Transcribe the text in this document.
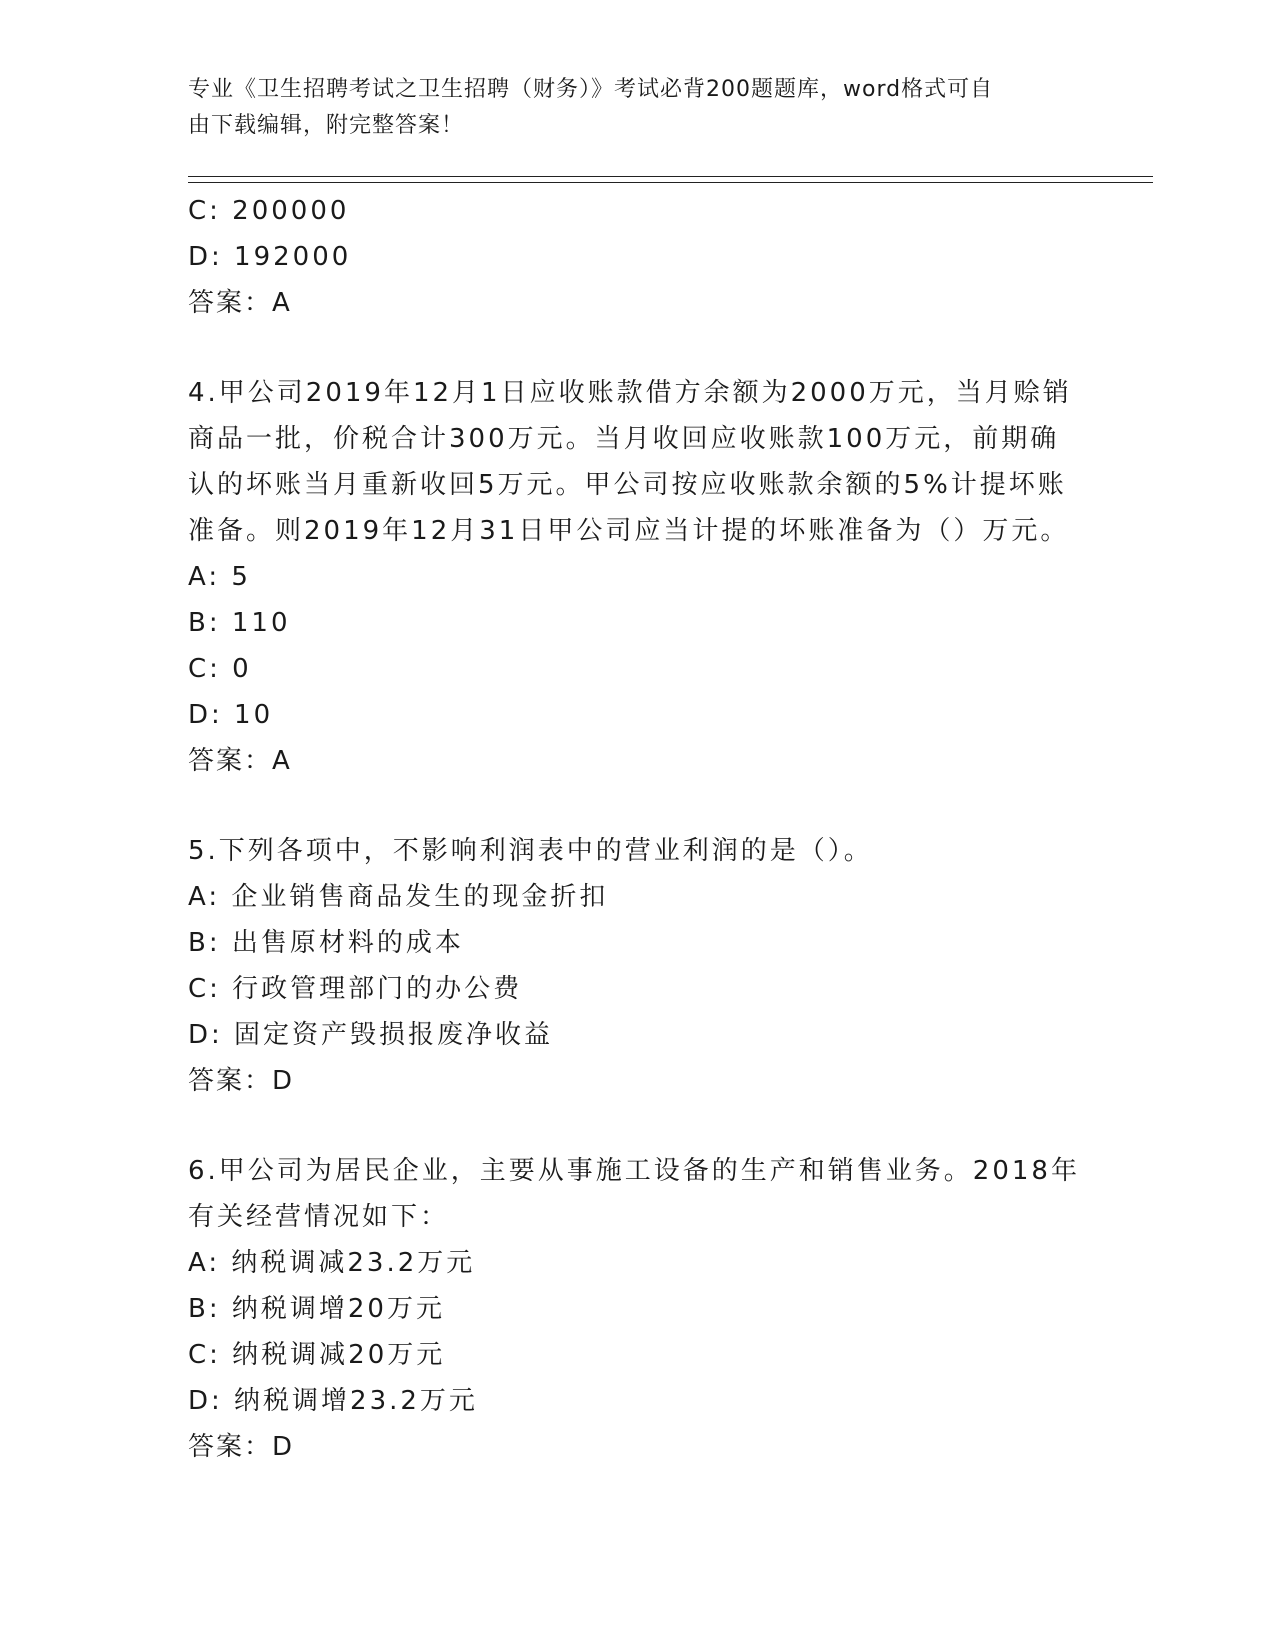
专业《卫生招聘考试之卫生招聘（财务）》考试必背200题题库，word格式可自
由下载编辑，附完整答案！
C: 200000
D: 192000
答案：A
4.甲公司2019年12月1日应收账款借方余额为2000万元，当月赊销
商品一批，价税合计300万元。当月收回应收账款100万元，前期确
认的坏账当月重新收回5万元。甲公司按应收账款余额的5%计提坏账
准备。则2019年12月31日甲公司应当计提的坏账准备为（）万元。
A: 5
B: 110
C: 0
D: 10
答案：A
5.下列各项中，不影响利润表中的营业利润的是（）。
A: 企业销售商品发生的现金折扣
B: 出售原材料的成本
C: 行政管理部门的办公费
D: 固定资产毁损报废净收益
答案：D
6.甲公司为居民企业，主要从事施工设备的生产和销售业务。2018年
有关经营情况如下：
A: 纳税调减23.2万元
B: 纳税调增20万元
C: 纳税调减20万元
D: 纳税调增23.2万元
答案：D
